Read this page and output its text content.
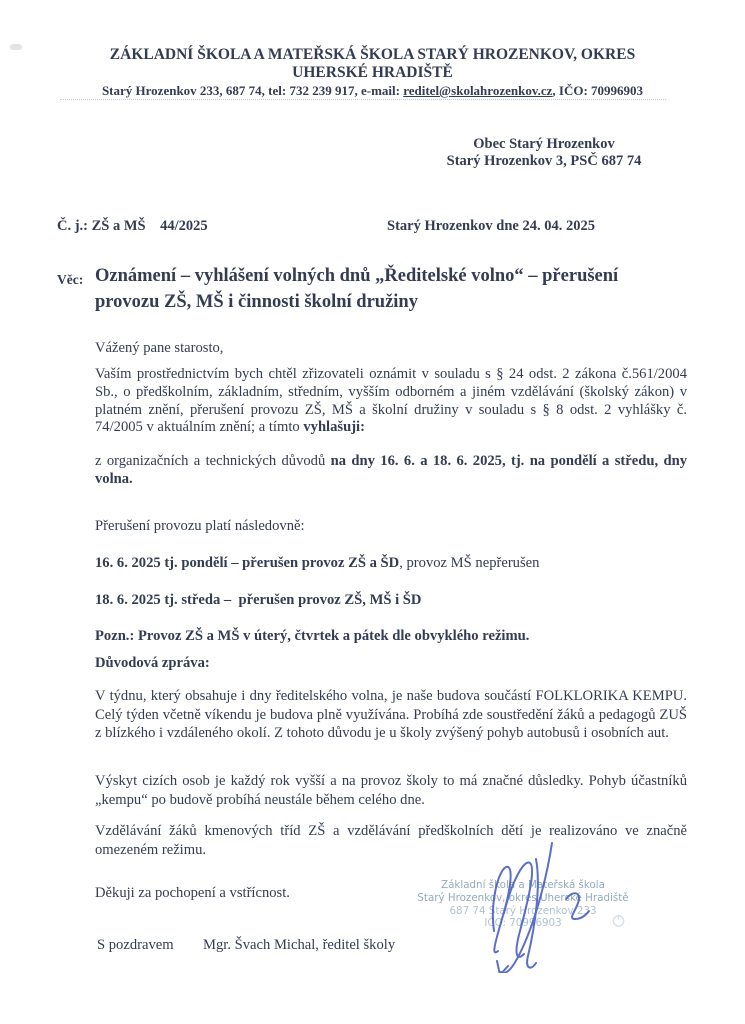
ZÁKLADNÍ ŠKOLA A MATEŘSKÁ ŠKOLA STARÝ HROZENKOV, OKRES
UHERSKÉ HRADIŠTĚ
Starý Hrozenkov 233, 687 74, tel: 732 239 917, e-mail: reditel@skolahrozenkov.cz, IČO: 70996903
Obec Starý Hrozenkov
Starý Hrozenkov 3, PSČ 687 74
Č. j.: ZŠ a MŠ    44/2025	Starý Hrozenkov dne 24. 04. 2025
Věc: Oznámení – vyhlášení volných dnů „Ředitelské volno“ – přerušení provozu ZŠ, MŠ i činnosti školní družiny
Vážený pane starosto,
Vaším prostřednictvím bych chtěl zřizovateli oznámit v souladu s § 24 odst. 2 zákona č.561/2004 Sb., o předškolním, základním, středním, vyšším odborném a jiném vzdělávání (školský zákon) v platném znění, přerušení provozu ZŠ, MŠ a školní družiny v souladu s § 8 odst. 2 vyhlášky č. 74/2005 v aktuálním znění; a tímto vyhlašuji:
z organizačních a technických důvodů na dny 16. 6. a 18. 6. 2025, tj. na pondělí a středu, dny volna.
Přerušení provozu platí následovně:
16. 6. 2025 tj. pondělí – přerušen provoz ZŠ a ŠD, provoz MŠ nepřerušen
18. 6. 2025 tj. středa –  přerušen provoz ZŠ, MŠ i ŠD
Pozn.: Provoz ZŠ a MŠ v úterý, čtvrtek a pátek dle obvyklého režimu.
Důvodová zpráva:
V týdnu, který obsahuje i dny ředitelského volna, je naše budova součástí FOLKLORIKA KEMPU. Celý týden včetně víkendu je budova plně využívána. Probíhá zde soustředění žáků a pedagogů ZUŠ z blízkého i vzdáleného okolí. Z tohoto důvodu je u školy zvýšený pohyb autobusů i osobních aut.
Výskyt cizích osob je každý rok vyšší a na provoz školy to má značné důsledky. Pohyb účastníků „kempu“ po budově probíhá neustále během celého dne.
Vzdělávání žáků kmenových tříd ZŠ a vzdělávání předškolních dětí je realizováno ve značně omezeném režimu.
Děkuji za pochopení a vstřícnost.
S pozdravem Mgr. Švach Michal, ředitel školy
Základní škola a Mateřská škola
Starý Hrozenkov, okres Uherské Hradiště
687 74 Starý Hrozenkov 233
IČO: 70996903
